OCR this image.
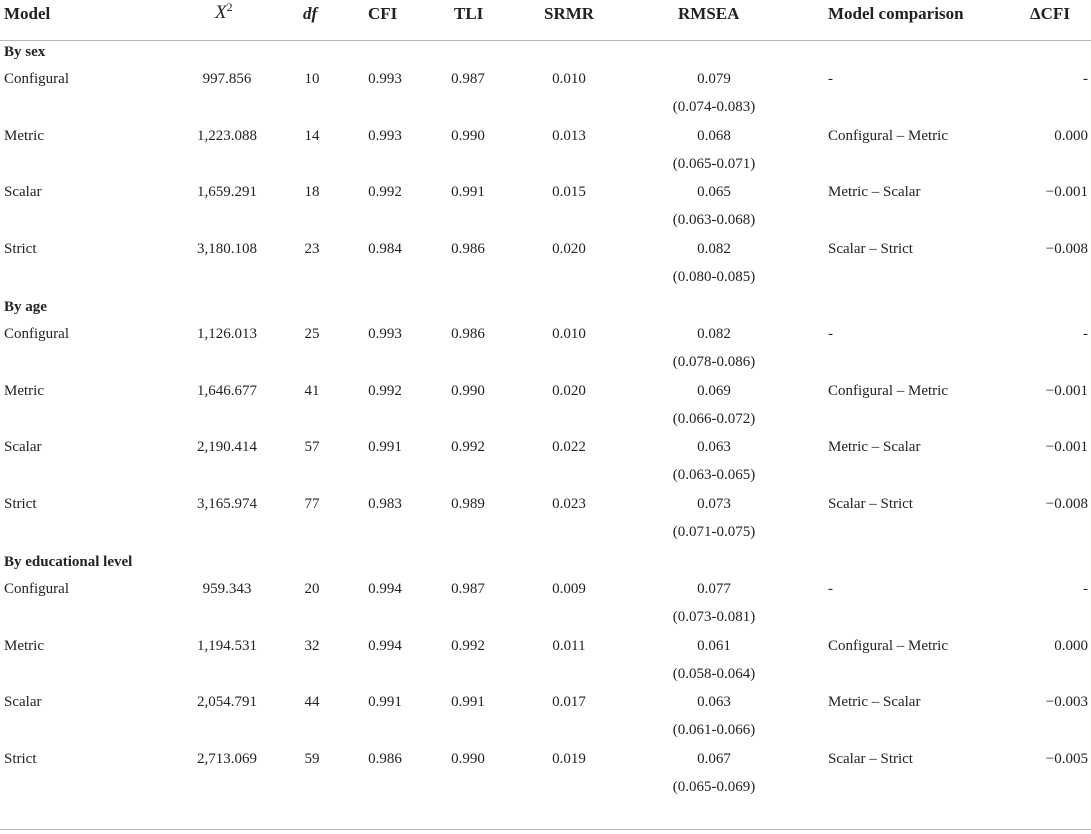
Model	$X^2$	df	CFI	TLI	SRMR	RMSEA	Model comparison	ΔCFI
By sex
Configural	997.856	10	0.993	0.987	0.010	0.079	-	-
(0.074-0.083)
Metric	1,223.088	14	0.993	0.990	0.013	0.068	Configural – Metric	0.000
(0.065-0.071)
Scalar	1,659.291	18	0.992	0.991	0.015	0.065	Metric – Scalar	−0.001
(0.063-0.068)
Strict	3,180.108	23	0.984	0.986	0.020	0.082	Scalar – Strict	−0.008
(0.080-0.085)
By age
Configural	1,126.013	25	0.993	0.986	0.010	0.082	-	-
(0.078-0.086)
Metric	1,646.677	41	0.992	0.990	0.020	0.069	Configural – Metric	−0.001
(0.066-0.072)
Scalar	2,190.414	57	0.991	0.992	0.022	0.063	Metric – Scalar	−0.001
(0.063-0.065)
Strict	3,165.974	77	0.983	0.989	0.023	0.073	Scalar – Strict	−0.008
(0.071-0.075)
By educational level
Configural	959.343	20	0.994	0.987	0.009	0.077	-	-
(0.073-0.081)
Metric	1,194.531	32	0.994	0.992	0.011	0.061	Configural – Metric	0.000
(0.058-0.064)
Scalar	2,054.791	44	0.991	0.991	0.017	0.063	Metric – Scalar	−0.003
(0.061-0.066)
Strict	2,713.069	59	0.986	0.990	0.019	0.067	Scalar – Strict	−0.005
(0.065-0.069)
